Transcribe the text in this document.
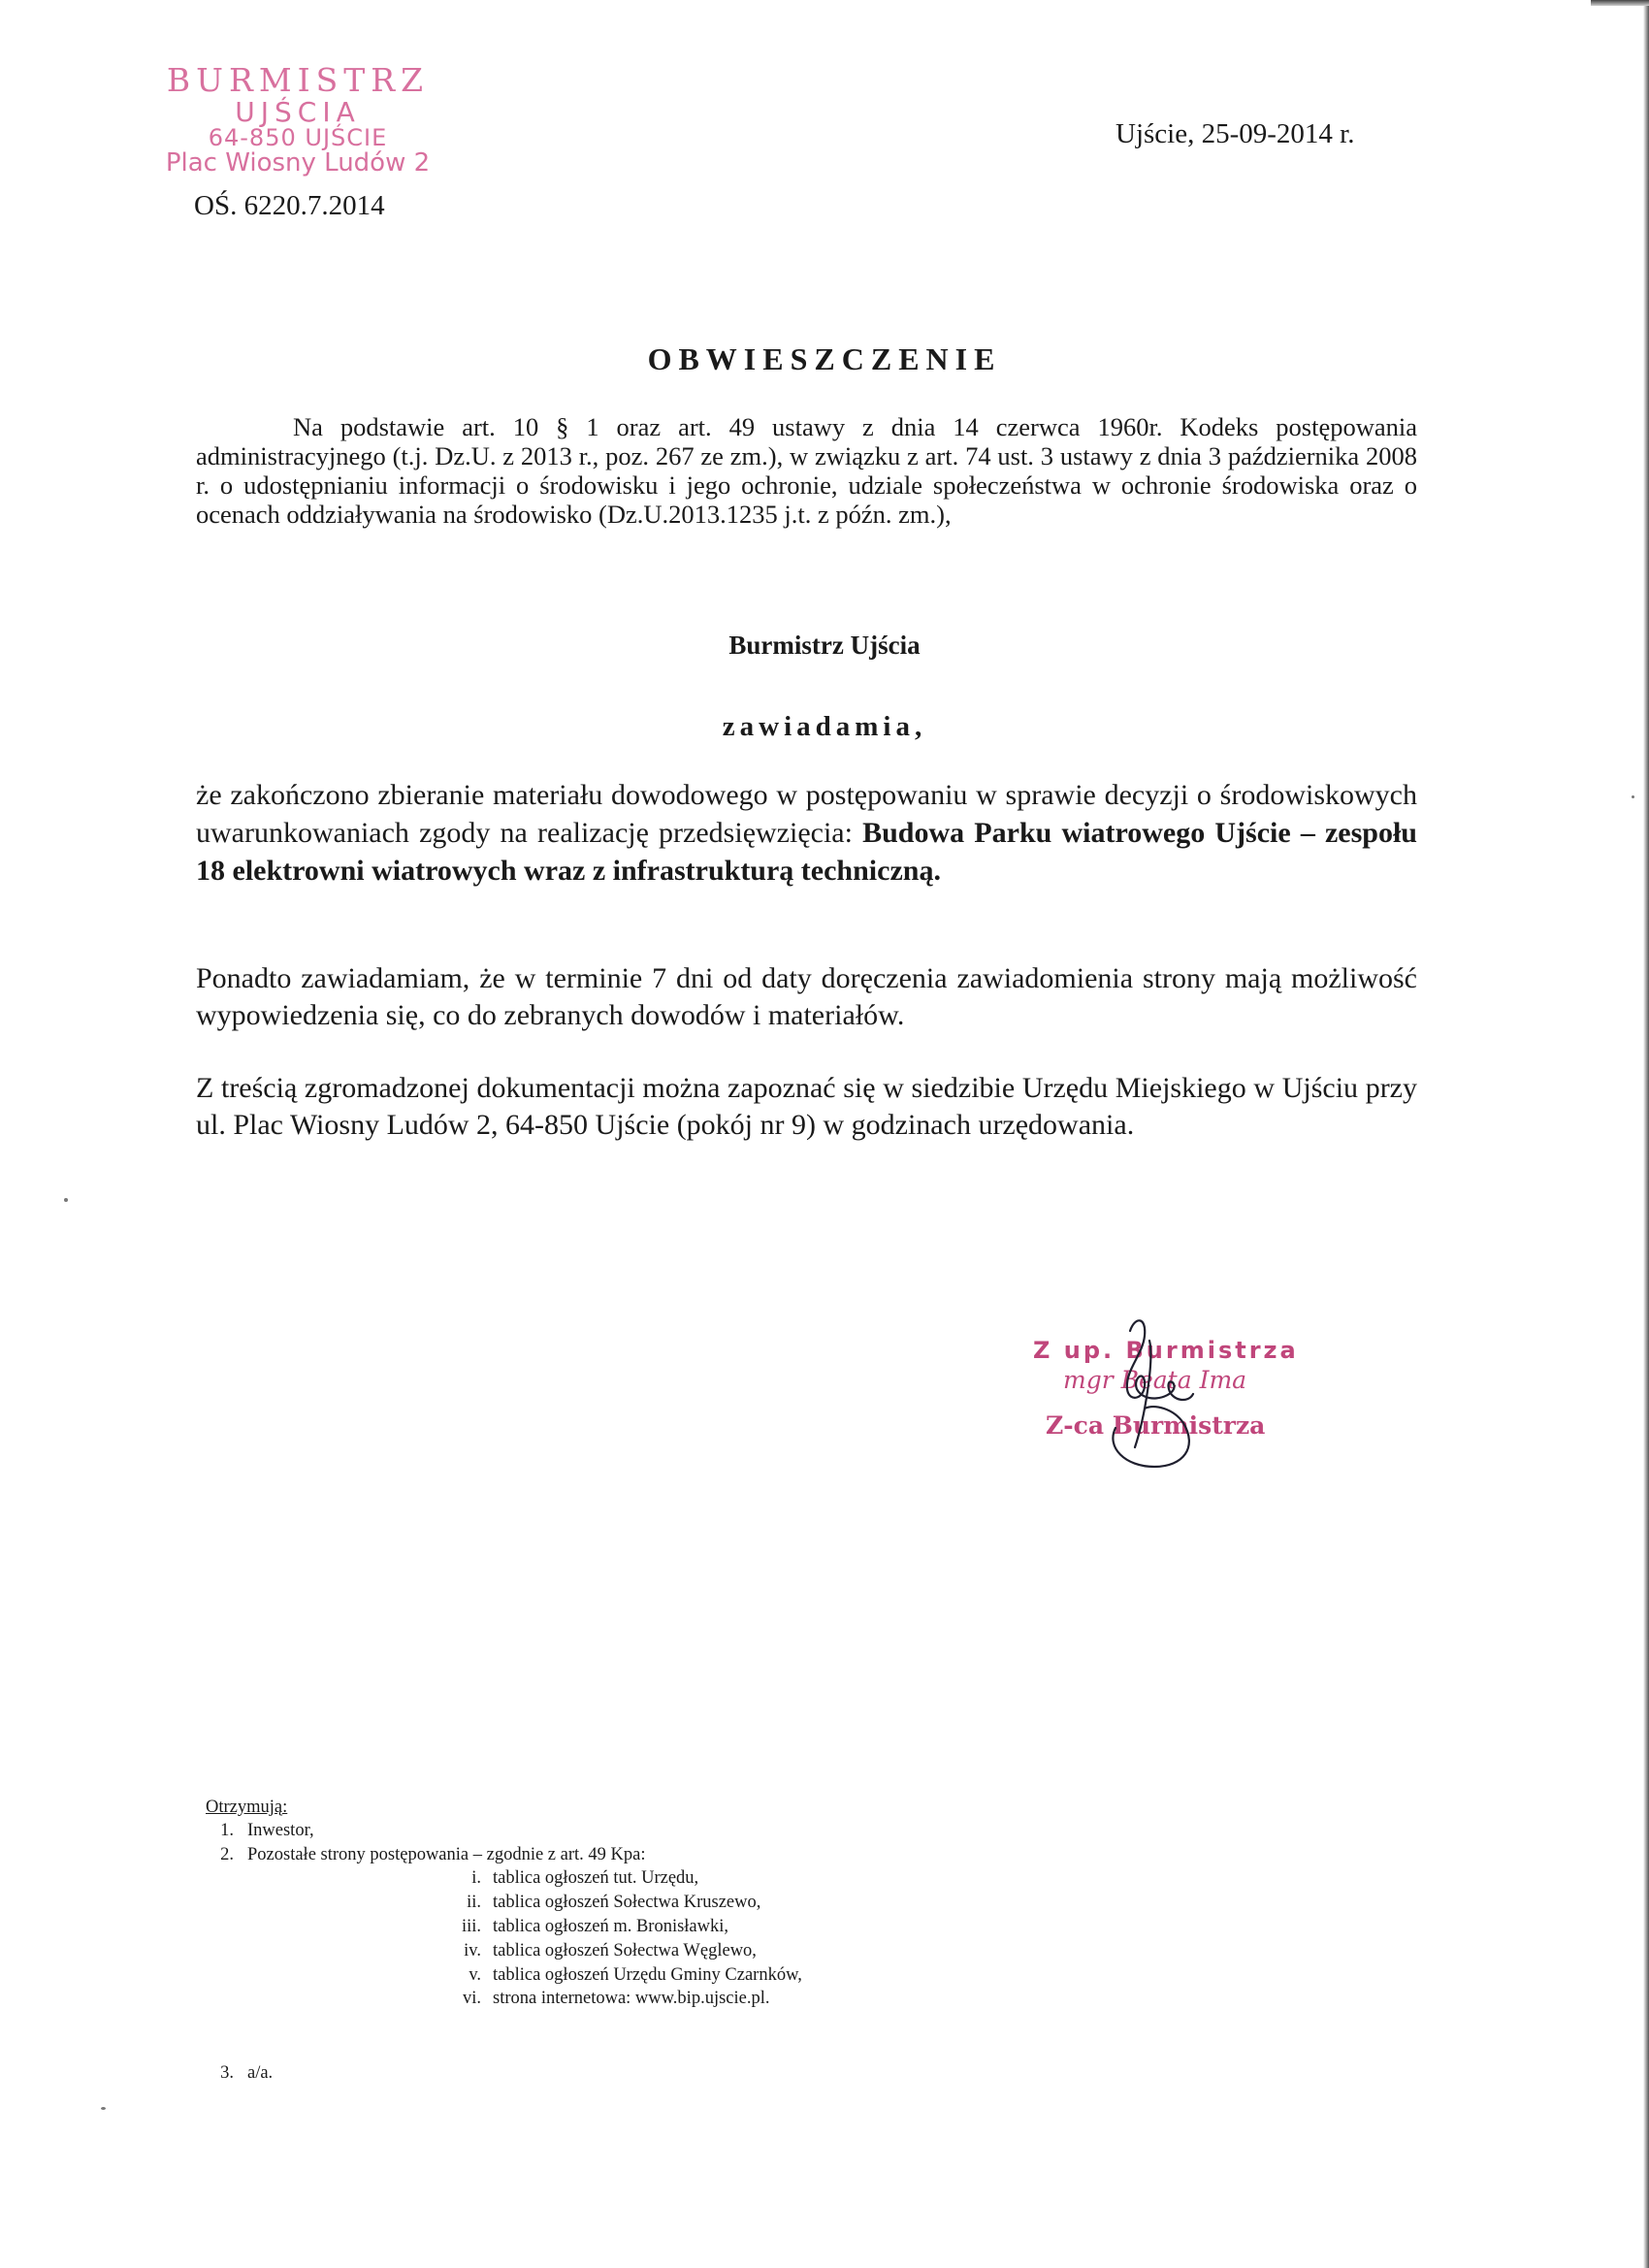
BURMISTRZ
UJŚCIA
64-850 UJŚCIE
Plac Wiosny Ludów 2
Ujście, 25-09-2014 r.
OŚ. 6220.7.2014
OBWIESZCZENIE
Na podstawie art. 10 § 1 oraz art. 49 ustawy z dnia 14 czerwca 1960r. Kodeks postępowania administracyjnego (t.j. Dz.U. z 2013 r., poz. 267 ze zm.), w związku z art. 74 ust. 3 ustawy z dnia 3 października 2008 r. o udostępnianiu informacji o środowisku i jego ochronie, udziale społeczeństwa w ochronie środowiska oraz o ocenach oddziaływania na środowisko (Dz.U.2013.1235 j.t. z późn. zm.),
Burmistrz Ujścia
zawiadamia,
że zakończono zbieranie materiału dowodowego w postępowaniu w sprawie decyzji o środowiskowych uwarunkowaniach zgody na realizację przedsięwzięcia: Budowa Parku wiatrowego Ujście – zespołu 18 elektrowni wiatrowych wraz z infrastrukturą techniczną.
Ponadto zawiadamiam, że w terminie 7 dni od daty doręczenia zawiadomienia strony mają możliwość wypowiedzenia się, co do zebranych dowodów i materiałów.
Z treścią zgromadzonej dokumentacji można zapoznać się w siedzibie Urzędu Miejskiego w Ujściu przy ul. Plac Wiosny Ludów 2, 64-850 Ujście (pokój nr 9) w godzinach urzędowania.
Z up. Burmistrza
mgr Beata Ima
Z-ca Burmistrza
Otrzymują:
1. Inwestor,
2. Pozostałe strony postępowania – zgodnie z art. 49 Kpa:
i. tablica ogłoszeń tut. Urzędu,
ii. tablica ogłoszeń Sołectwa Kruszewo,
iii. tablica ogłoszeń m. Bronisławki,
iv. tablica ogłoszeń Sołectwa Węglewo,
v. tablica ogłoszeń Urzędu Gminy Czarnków,
vi. strona internetowa: www.bip.ujscie.pl.
3. a/a.
